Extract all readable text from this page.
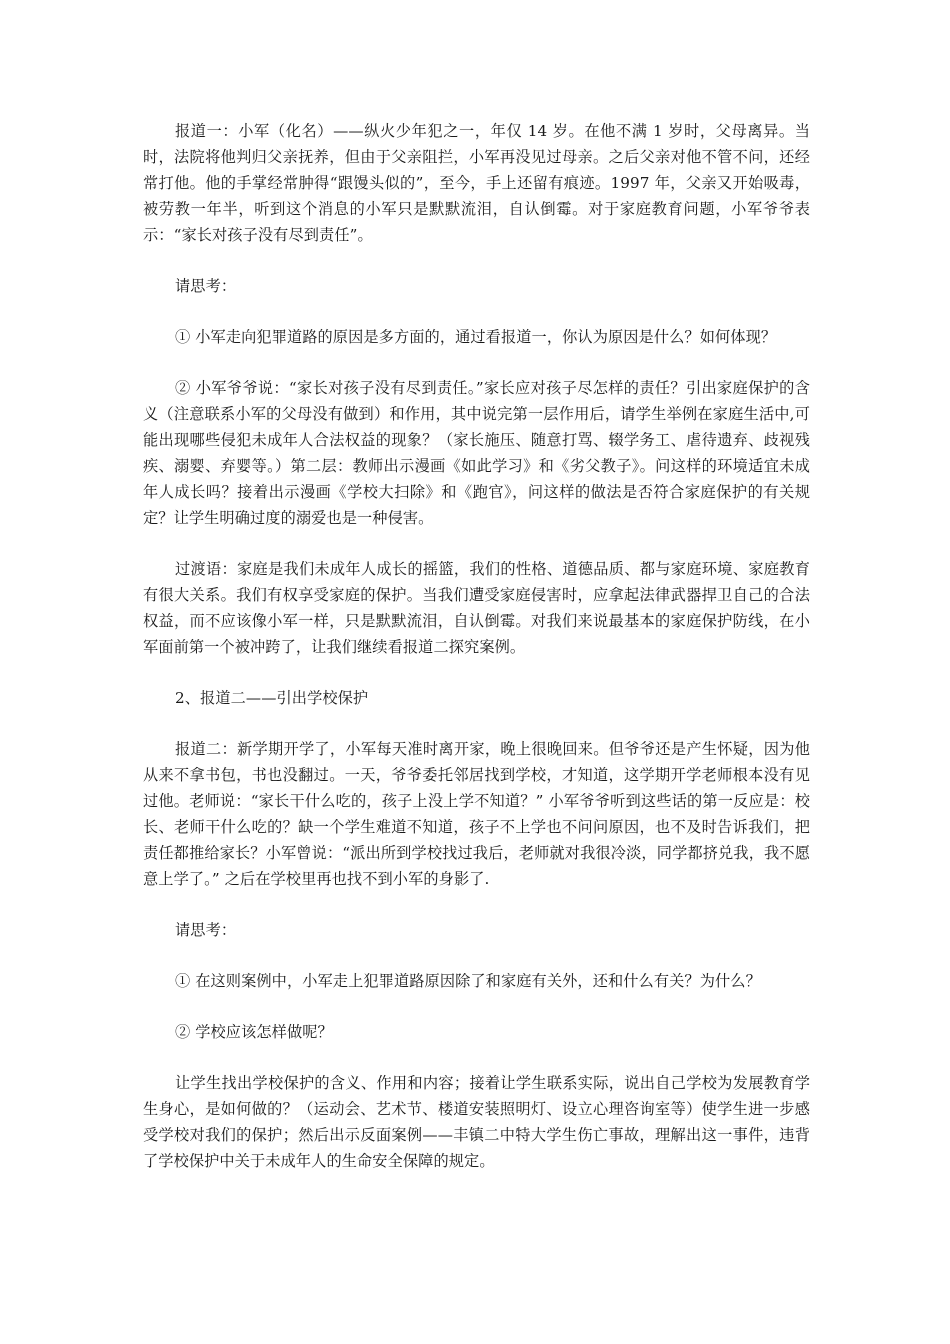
报道一：小军（化名）——纵火少年犯之一，年仅 14 岁。在他不满 1 岁时，父母离异。当时，法院将他判归父亲抚养，但由于父亲阻拦，小军再没见过母亲。之后父亲对他不管不问，还经常打他。他的手掌经常肿得“跟馒头似的”，至今，手上还留有痕迹。1997 年，父亲又开始吸毒，被劳教一年半，听到这个消息的小军只是默默流泪，自认倒霉。对于家庭教育问题，小军爷爷表示：“家长对孩子没有尽到责任”。

请思考：

① 小军走向犯罪道路的原因是多方面的，通过看报道一，你认为原因是什么？如何体现？

② 小军爷爷说：“家长对孩子没有尽到责任。”家长应对孩子尽怎样的责任？引出家庭保护的含义（注意联系小军的父母没有做到）和作用，其中说完第一层作用后，请学生举例在家庭生活中,可能出现哪些侵犯未成年人合法权益的现象？（家长施压、随意打骂、辍学务工、虐待遗弃、歧视残疾、溺婴、弃婴等。）第二层：教师出示漫画《如此学习》和《劣父教子》。问这样的环境适宜未成年人成长吗？接着出示漫画《学校大扫除》和《跑官》，问这样的做法是否符合家庭保护的有关规定？让学生明确过度的溺爱也是一种侵害。

过渡语：家庭是我们未成年人成长的摇篮，我们的性格、道德品质、都与家庭环境、家庭教育有很大关系。我们有权享受家庭的保护。当我们遭受家庭侵害时，应拿起法律武器捍卫自己的合法权益，而不应该像小军一样，只是默默流泪，自认倒霉。对我们来说最基本的家庭保护防线，在小军面前第一个被冲跨了，让我们继续看报道二探究案例。

2、报道二——引出学校保护

报道二：新学期开学了，小军每天准时离开家，晚上很晚回来。但爷爷还是产生怀疑，因为他从来不拿书包，书也没翻过。一天，爷爷委托邻居找到学校，才知道，这学期开学老师根本没有见过他。老师说：“家长干什么吃的，孩子上没上学不知道？” 小军爷爷听到这些话的第一反应是：校长、老师干什么吃的？缺一个学生难道不知道，孩子不上学也不问问原因，也不及时告诉我们，把责任都推给家长？小军曾说：“派出所到学校找过我后，老师就对我很冷淡，同学都挤兑我，我不愿意上学了。” 之后在学校里再也找不到小军的身影了.

请思考：

① 在这则案例中，小军走上犯罪道路原因除了和家庭有关外，还和什么有关？为什么？

② 学校应该怎样做呢？

让学生找出学校保护的含义、作用和内容；接着让学生联系实际，说出自己学校为发展教育学生身心，是如何做的？（运动会、艺术节、楼道安装照明灯、设立心理咨询室等）使学生进一步感受学校对我们的保护；然后出示反面案例——丰镇二中特大学生伤亡事故，理解出这一事件，违背了学校保护中关于未成年人的生命安全保障的规定。
